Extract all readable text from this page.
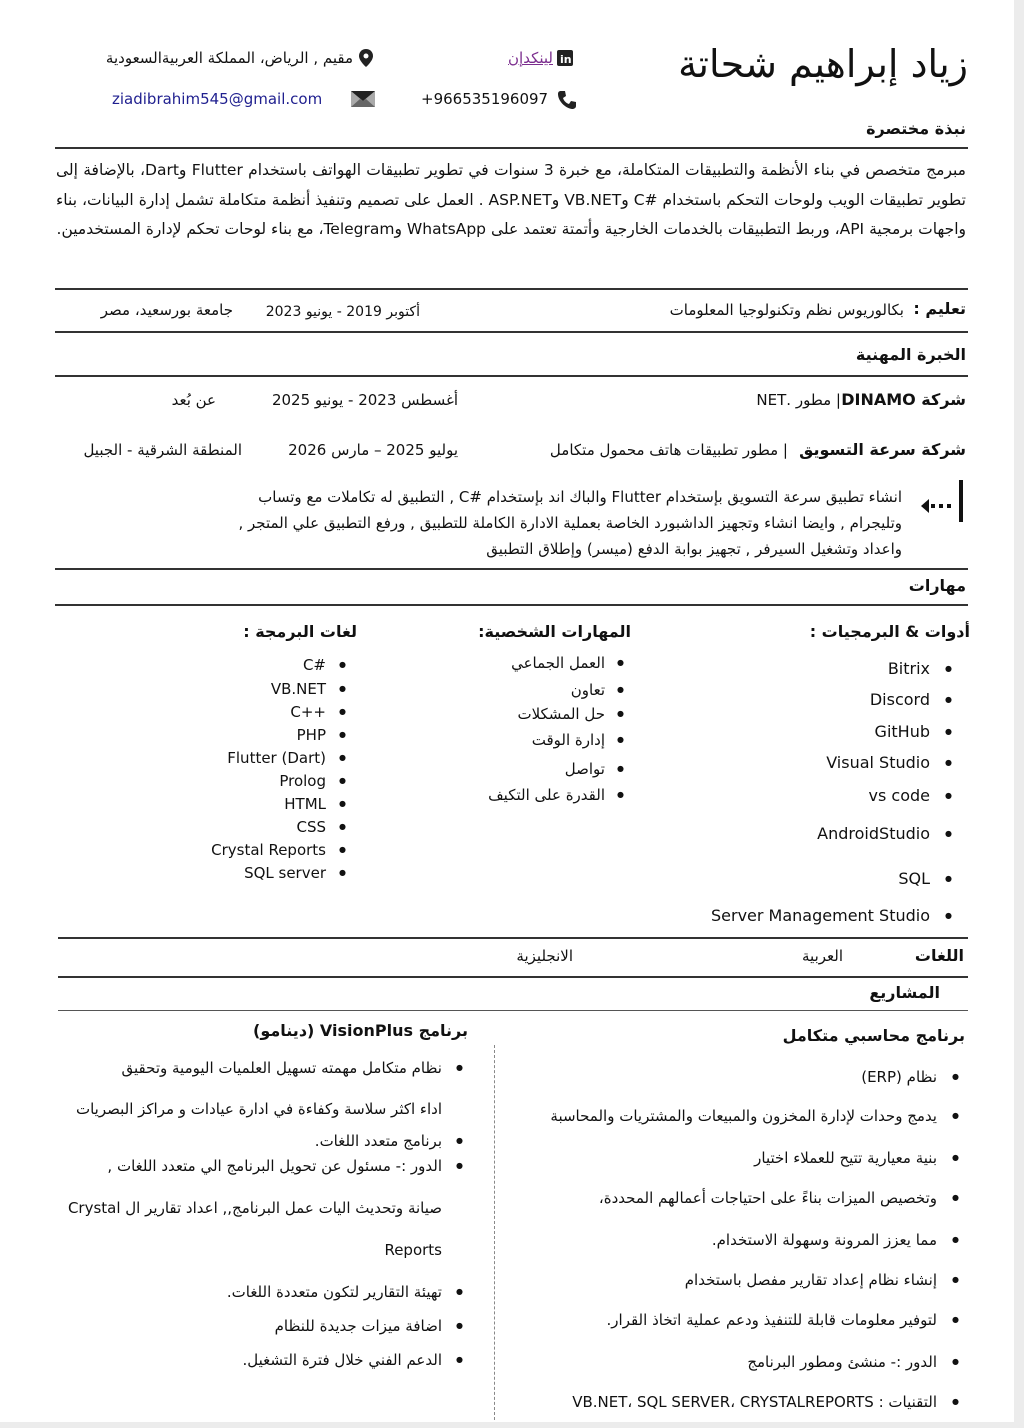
زياد إبراهيم شحاتة
in
لينكدإن
مقيم , الرياض، المملكة العربيةالسعودية
+966535196097
ziadibrahim545@gmail.com
نبذة مختصرة
مبرمج متخصص في بناء الأنظمة والتطبيقات المتكاملة، مع خبرة 3 سنوات في تطوير تطبيقات الهواتف باستخدام Flutter وDart، بالإضافة إلى تطوير تطبيقات الويب ولوحات التحكم باستخدام #C وVB.NET وASP.NET . العمل على تصميم وتنفيذ أنظمة متكاملة تشمل إدارة البيانات، بناء واجهات برمجية API، وربط التطبيقات بالخدمات الخارجية وأتمتة تعتمد على WhatsApp وTelegram، مع بناء لوحات تحكم لإدارة المستخدمين.
تعليم :
بكالوريوس نظم وتكنولوجيا المعلومات
أكتوبر 2019 - يونيو 2023
جامعة بورسعيد، مصر
الخبرة المهنية
شركة DINAMO
| مطور .NET
أغسطس 2023 - يونيو 2025
عن بُعد
شركة سرعة التسويق
| مطور تطبيقات هاتف محمول متكامل
يوليو 2025 – مارس 2026
المنطقة الشرقية - الجبيل
انشاء تطبيق سرعة التسويق بإستخدام Flutter والباك اند بإستخدام #C , التطبيق له تكاملات مع وتساب
وتليجرام , وايضا انشاء وتجهيز الداشبورد الخاصة بعملية الادارة الكاملة للتطبيق , ورفع التطبيق علي المتجر ,
واعداد وتشغيل السيرفر , تجهيز بوابة الدفع (ميسر) وإطلاق التطبيق
مهارات
أدوات & البرمجيات :
المهارات الشخصية:
لغات البرمجة :
●
Bitrix
●
Discord
●
GitHub
●
Visual Studio
●
vs code
●
AndroidStudio
●
SQL
●
Server Management Studio
●
العمل الجماعي
●
تعاون
●
حل المشكلات
●
إدارة الوقت
●
تواصل
●
القدرة على التكيف
●
#C
●
VB.NET
●
++C
●
PHP
●
Flutter (Dart)
●
Prolog
●
HTML
●
CSS
●
Crystal Reports
●
SQL server
اللغات
العربية
الانجليزية
المشاريع
برنامج محاسبي متكامل
برنامج VisionPlus (دينامو)
●
نظام (ERP)
●
يدمج وحدات لإدارة المخزون والمبيعات والمشتريات والمحاسبة
●
بنية معيارية تتيح للعملاء اختيار
●
وتخصيص الميزات بناءً على احتياجات أعمالهم المحددة،
●
مما يعزز المرونة وسهولة الاستخدام.
●
إنشاء نظام إعداد تقارير مفصل باستخدام
●
لتوفير معلومات قابلة للتنفيذ ودعم عملية اتخاذ القرار.
●
الدور :- منشئ ومطور البرنامج
●
التقنيات : VB.NET، SQL SERVER، CRYSTALREPORTS
●
نظام متكامل مهمته تسهيل العلميات اليومية وتحقيق
اداء اكثر سلاسة وكفاءة في ادارة عيادات و مراكز البصريات
●
برنامج متعدد اللغات.
●
الدور :- مسئول عن تحويل البرنامج الي متعدد اللغات ,
صيانة وتحديث اليات عمل البرنامج,, اعداد تقارير ال Crystal
Reports
●
تهيئة التقارير لتكون متعددة اللغات.
●
اضافة ميزات جديدة للنظام
●
الدعم الفني خلال فترة التشغيل.
